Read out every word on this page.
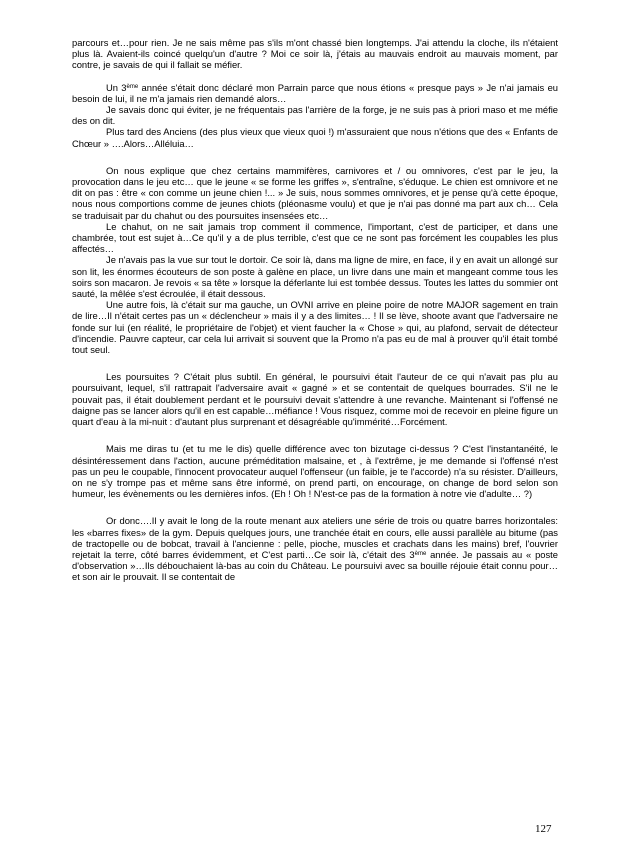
parcours et…pour rien. Je ne sais même pas s'ils m'ont chassé bien longtemps. J'ai attendu la cloche, ils n'étaient plus là. Avaient-ils coincé quelqu'un d'autre ? Moi ce soir là, j'étais au mauvais endroit au mauvais moment, par contre, je savais de qui il fallait se méfier.

Un 3ème année s'était donc déclaré mon Parrain parce que nous étions « presque pays » Je n'ai jamais eu besoin de lui, il ne m'a jamais rien demandé alors…

Je savais donc qui éviter, je ne fréquentais pas l'arrière de la forge, je ne suis pas à priori maso et me méfie des on dit.

Plus tard des Anciens (des plus vieux que vieux quoi !) m'assuraient que nous n'étions que des « Enfants de Chœur » ….Alors…Alléluia…

On nous explique que chez certains mammifères, carnivores et / ou omnivores, c'est par le jeu, la provocation dans le jeu etc… que le jeune « se forme les griffes », s'entraîne, s'éduque. Le chien est omnivore et ne dit on pas : être « con comme un jeune chien !... » Je suis, nous sommes omnivores, et je pense qu'à cette époque, nous nous comportions comme de jeunes chiots (pléonasme voulu) et que je n'ai pas donné ma part aux ch… Cela se traduisait par du chahut ou des poursuites insensées etc…

Le chahut, on ne sait jamais trop comment il commence, l'important, c'est de participer, et dans une chambrée, tout est sujet à…Ce qu'il y a de plus terrible, c'est que ce ne sont pas forcément les coupables les plus affectés…

Je n'avais pas la vue sur tout le dortoir. Ce soir là, dans ma ligne de mire, en face, il y en avait un allongé sur son lit, les énormes écouteurs de son poste à galène en place, un livre dans une main et mangeant comme tous les soirs son macaron. Je revois « sa tête » lorsque la déferlante lui est tombée dessus. Toutes les lattes du sommier ont sauté, la mêlée s'est écroulée, il était dessous.

Une autre fois, là c'était sur ma gauche, un OVNI arrive en pleine poire de notre MAJOR sagement en train de lire…Il n'était certes pas un « déclencheur » mais il y a des limites… ! Il se lève, shoote avant que l'adversaire ne fonde sur lui (en réalité, le propriétaire de l'objet) et vient faucher la « Chose » qui, au plafond, servait de détecteur d'incendie. Pauvre capteur, car cela lui arrivait si souvent que la Promo n'a pas eu de mal à prouver qu'il était tombé tout seul.

Les poursuites ? C'était plus subtil. En général, le poursuivi était l'auteur de ce qui n'avait pas plu au poursuivant, lequel, s'il rattrapait l'adversaire avait « gagné » et se contentait de quelques bourrades. S'il ne le pouvait pas, il était doublement perdant et le poursuivi devait s'attendre à une revanche. Maintenant si l'offensé ne daigne pas se lancer alors qu'il en est capable…méfiance ! Vous risquez, comme moi de recevoir en pleine figure un quart d'eau à la mi-nuit : d'autant plus surprenant et désagréable qu'immérité…Forcément.

Mais me diras tu (et tu me le dis) quelle différence avec ton bizutage ci-dessus ? C'est l'instantanéité, le désintéressement dans l'action, aucune préméditation malsaine, et , à l'extrême, je me demande si l'offensé n'est pas un peu le coupable, l'innocent provocateur auquel l'offenseur (un faible, je te l'accorde) n'a su résister. D'ailleurs, on ne s'y trompe pas et même sans être informé, on prend parti, on encourage, on change de bord selon son humeur, les évènements ou les dernières infos. (Eh ! Oh ! N'est-ce pas de la formation à notre vie d'adulte… ?)

Or donc….Il y avait le long de la route menant aux ateliers une série de trois ou quatre barres horizontales: les «barres fixes» de la gym. Depuis quelques jours, une tranchée était en cours, elle aussi parallèle au bitume (pas de tractopelle ou de bobcat, travail à l'ancienne : pelle, pioche, muscles et crachats dans les mains) bref, l'ouvrier rejetait la terre, côté barres évidemment, et C'est parti…Ce soir là, c'était des 3ème année. Je passais au « poste d'observation »…Ils débouchaient là-bas au coin du Château. Le poursuivi avec sa bouille réjouie était connu pour…et son air le prouvait. Il se contentait de

127
